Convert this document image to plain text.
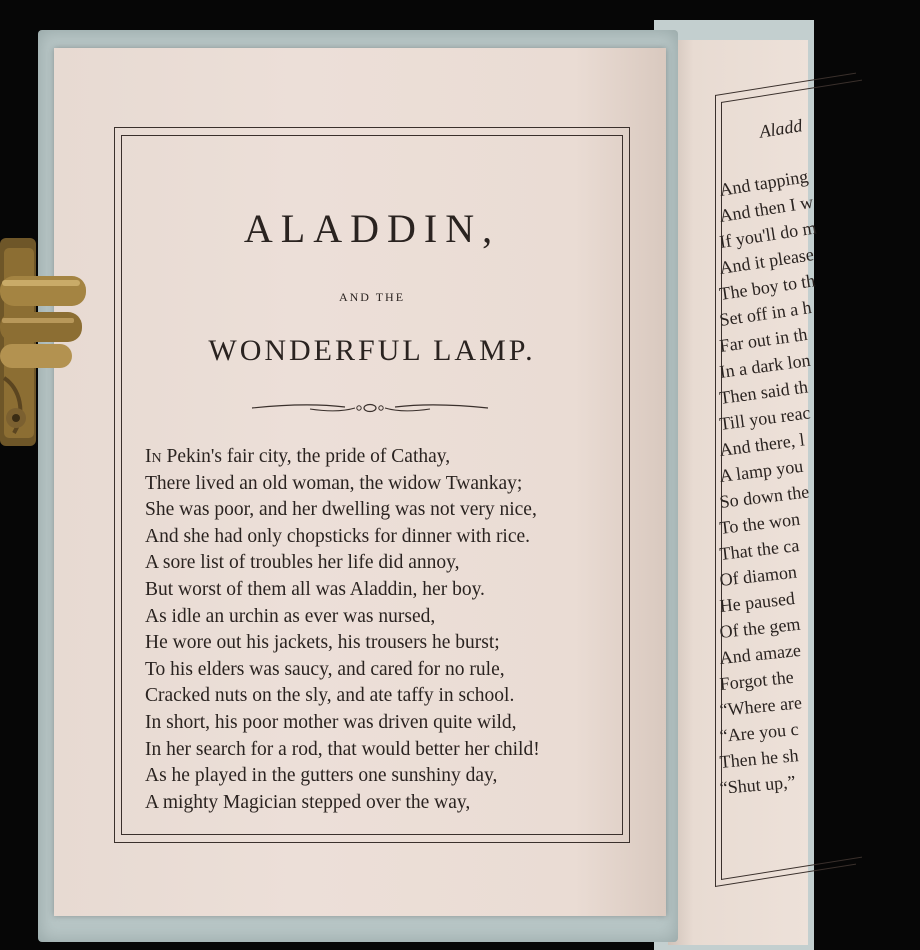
Aladd
And tapping
And then I w
If you'll do m
And it please
The boy to th
Set off in a h
Far out in th
In a dark lon
Then said th
Till you reac
And there, l
A lamp you
So down the
To the won
That the ca
Of diamon
He paused
Of the gem
And amaze
Forgot the
“Where are
“Are you c
Then he sh
“Shut up,”
ALADDIN,
AND THE
WONDERFUL LAMP.
In Pekin's fair city, the pride of Cathay,
There lived an old woman, the widow Twankay;
She was poor, and her dwelling was not very nice,
And she had only chopsticks for dinner with rice.
A sore list of troubles her life did annoy,
But worst of them all was Aladdin, her boy.
As idle an urchin as ever was nursed,
He wore out his jackets, his trousers he burst;
To his elders was saucy, and cared for no rule,
Cracked nuts on the sly, and ate taffy in school.
In short, his poor mother was driven quite wild,
In her search for a rod, that would better her child!
As he played in the gutters one sunshiny day,
A mighty Magician stepped over the way,
